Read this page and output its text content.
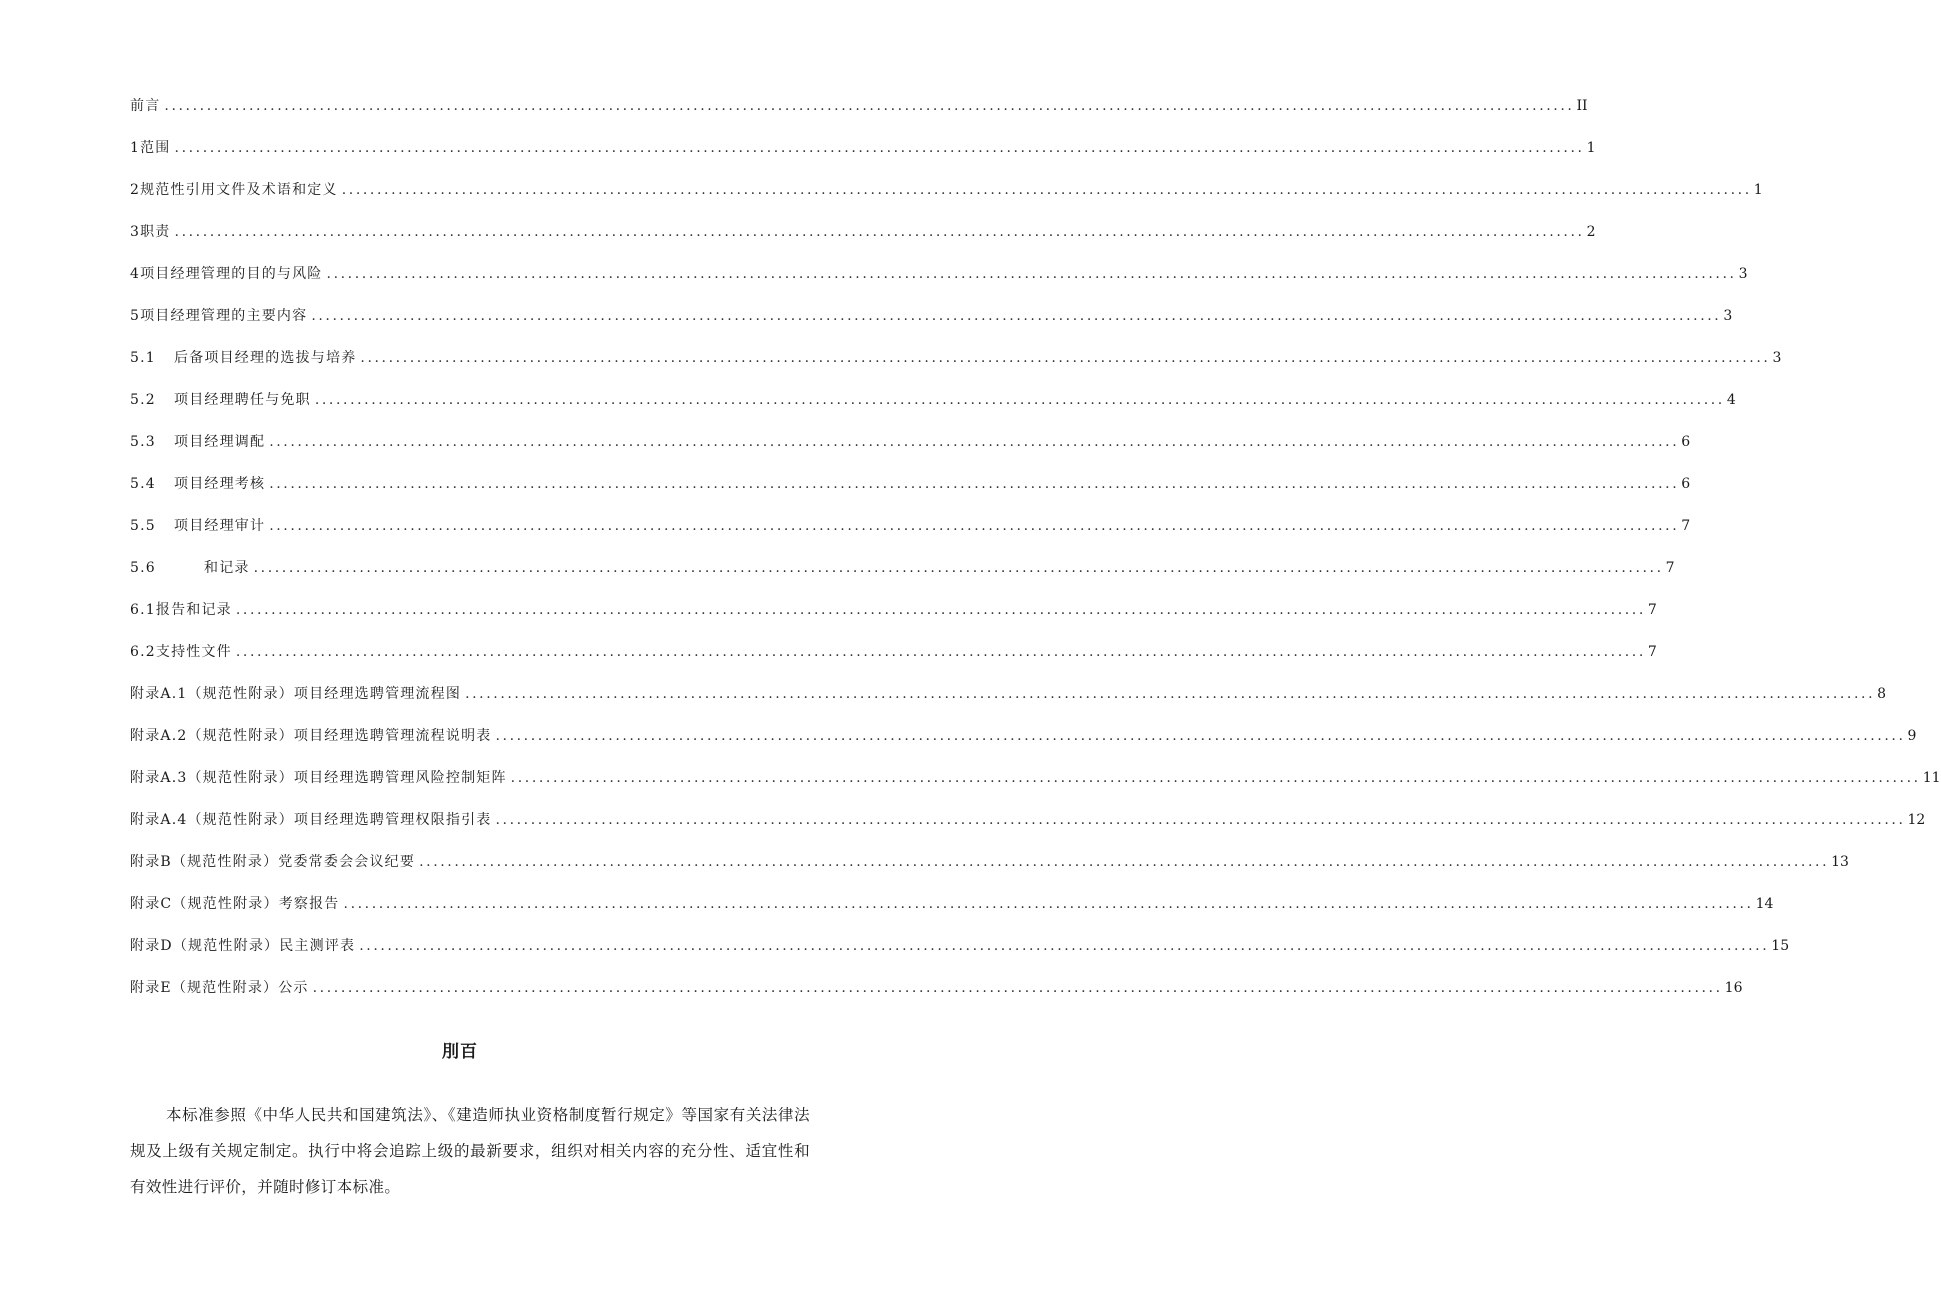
前言 ........................................................................................................................................................................................................ II
1 范围 ........................................................................................................................................................................................................ 1
2 规范性引用文件及术语和定义 ........................................................................................................................................................................................................ 1
3 职责 ........................................................................................................................................................................................................ 2
4 项目经理管理的目的与风险 ........................................................................................................................................................................................................ 3
5 项目经理管理的主要内容 ........................................................................................................................................................................................................ 3
5.1	后备项目经理的选拔与培养 ........................................................................................................................................................................................................ 3
5.2	项目经理聘任与免职 ........................................................................................................................................................................................................ 4
5.3	项目经理调配 ........................................................................................................................................................................................................ 6
5.4	项目经理考核 ........................................................................................................................................................................................................ 6
5.5	项目经理审计 ........................................................................................................................................................................................................ 7
5.6	和记录 ........................................................................................................................................................................................................ 7
6.1 报告和记录 ........................................................................................................................................................................................................ 7
6.2 支持性文件 ........................................................................................................................................................................................................ 7
附录A.1（规范性附录）项目经理选聘管理流程图 ........................................................................................................................................................................................................ 8
附录A.2（规范性附录）项目经理选聘管理流程说明表 ........................................................................................................................................................................................................ 9
附录A.3（规范性附录）项目经理选聘管理风险控制矩阵 ........................................................................................................................................................................................................ 11
附录A.4（规范性附录）项目经理选聘管理权限指引表 ........................................................................................................................................................................................................ 12
附录B（规范性附录）党委常委会会议纪要 ........................................................................................................................................................................................................ 13
附录C（规范性附录）考察报告 ........................................................................................................................................................................................................ 14
附录D（规范性附录）民主测评表 ........................................................................................................................................................................................................ 15
附录E（规范性附录）公示 ........................................................................................................................................................................................................ 16
刖百

本标准参照《中华人民共和国建筑法》、《建造师执业资格制度暂行规定》等国家有关法律法规及上级有关规定制定。执行中将会追踪上级的最新要求，组织对相关内容的充分性、适宜性和有效性进行评价，并随时修订本标准。
